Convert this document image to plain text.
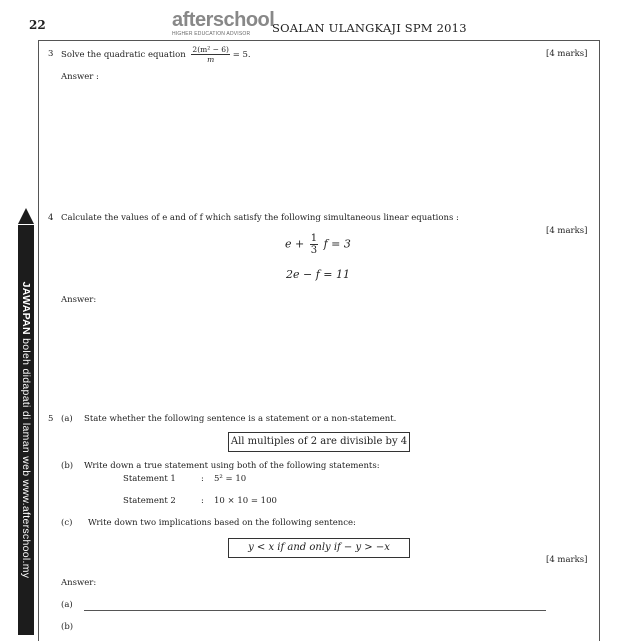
22	afterschool
HIGHER EDUCATION ADVISOR	SOALAN ULANGKAJI SPM 2013
JAWAPAN boleh didapati di laman web www.afterschool.my
3 Solve the quadratic equation $\frac{\text{2(m² − 6)}}{m} = 5$.	[4 marks]
Answer :
4 Calculate the values of e and of f which satisfy the following simultaneous linear equations :
[4 marks]
$e + \frac{1}{3}$ f = 3
2e − f = 11
Answer:
5 (a) State whether the following sentence is a statement or a non-statement.
All multiples of 2 are divisible by 4
(b) Write down a true statement using both of the following statements:
Statement 1	: 5² = 10
Statement 2	: 10 × 10 = 100
(c) Write down two implications based on the following sentence:
y < x if and only if − y > −x
[4 marks]
Answer:
(a)
(b)
